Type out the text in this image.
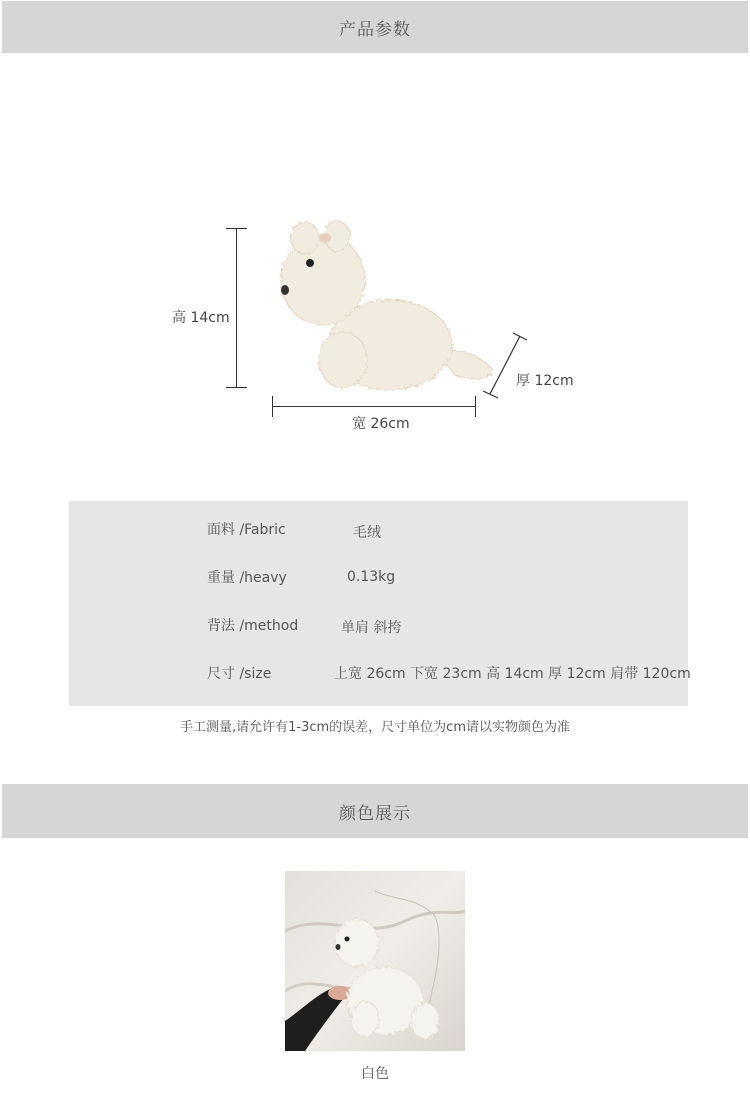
产品参数
高 14cm
宽 26cm
厚 12cm
面料 /Fabric	毛绒
重量 /heavy	0.13kg
背法 /method	单肩 斜挎
尺寸 /size	上宽 26cm 下宽 23cm 高 14cm 厚 12cm 肩带 120cm
手工测量,请允许有1-3cm的误差，尺寸单位为cm请以实物颜色为准
颜色展示
白色
